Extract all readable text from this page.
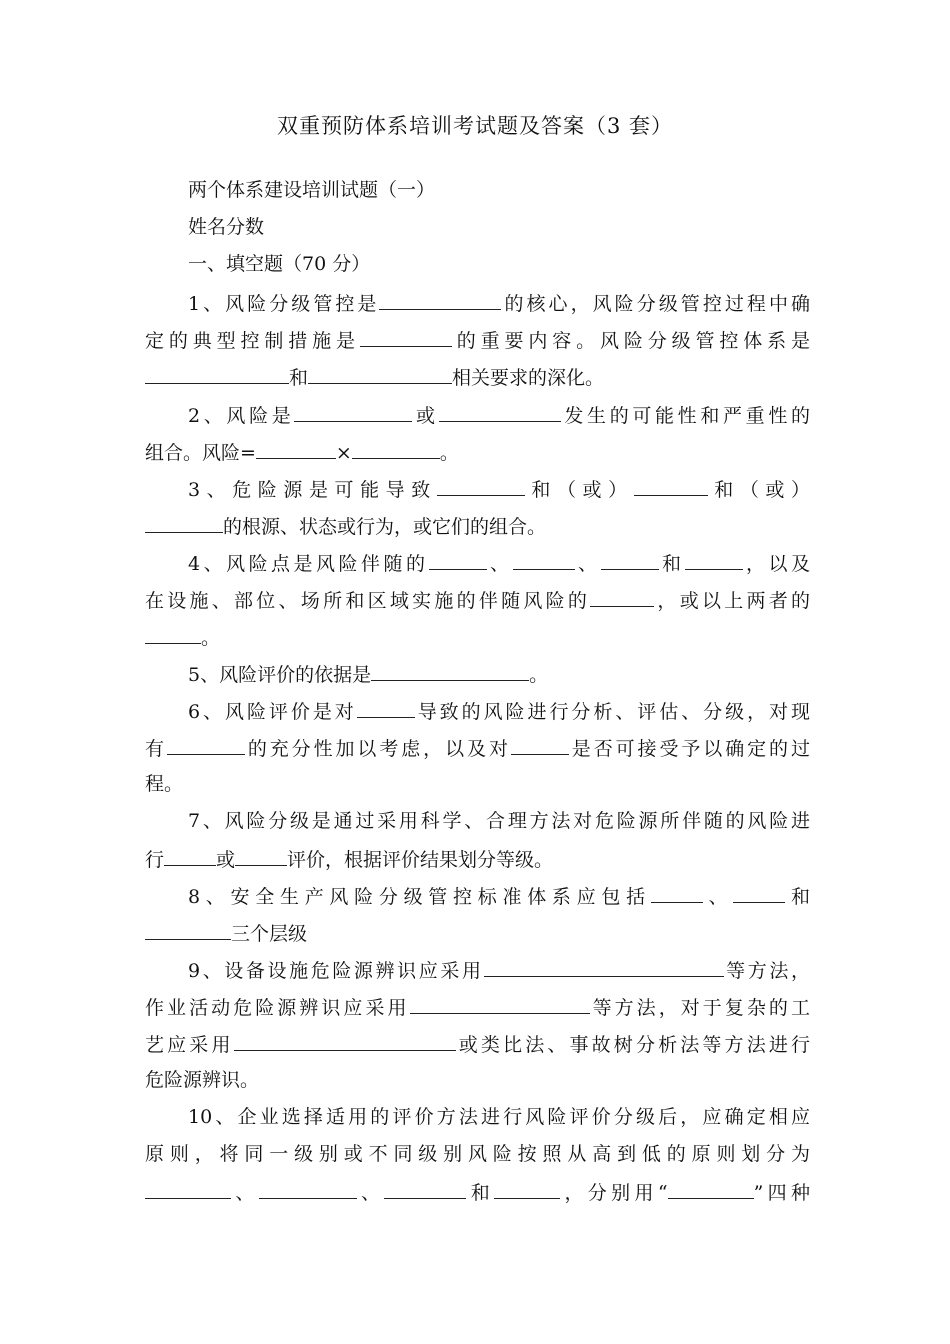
双重预防体系培训考试题及答案（3 套）
两个体系建设培训试题（一）
姓名分数
一、填空题（70 分）
1、风险分级管控是	的核心，风险分级管控过程中确
定的典型控制措施是	的重要内容。风险分级管控体系是
和	相关要求的深化。
2、风险是	或	发生的可能性和严重性的
组合。风险=	×	。
3、危险源是可能导致	和（或）	和（或）
的根源、状态或行为，或它们的组合。
4、风险点是风险伴随的	、	、	和	，以及
在设施、部位、场所和区域实施的伴随风险的	，或以上两者的
。
5、风险评价的依据是	。
6、风险评价是对	导致的风险进行分析、评估、分级，对现
有	的充分性加以考虑，以及对	是否可接受予以确定的过
程。
7、风险分级是通过采用科学、合理方法对危险源所伴随的风险进
行	或	评价，根据评价结果划分等级。
8、安全生产风险分级管控标准体系应包括	、	和
三个层级
9、设备设施危险源辨识应采用	等方法，
作业活动危险源辨识应采用	等方法，对于复杂的工
艺应采用	或类比法、事故树分析法等方法进行
危险源辨识。
10、企业选择适用的评价方法进行风险评价分级后，应确定相应
原则，将同一级别或不同级别风险按照从高到低的原则划分为
、	、	和	，分别用“	”四种
